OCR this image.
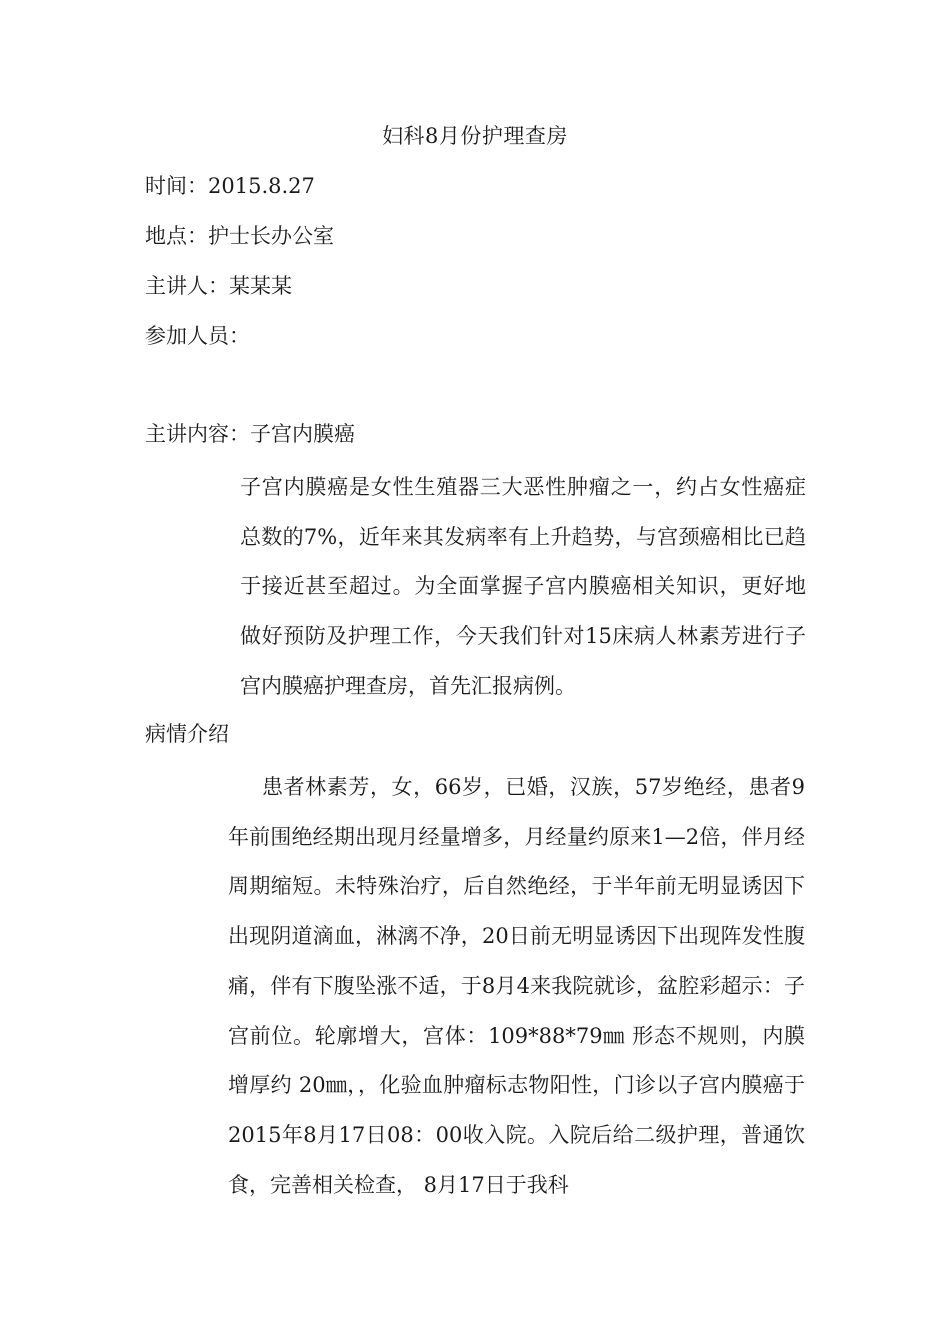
妇科8月份护理查房
时间：2015.8.27
地点：护士长办公室
主讲人：某某某
参加人员：
主讲内容：子宫内膜癌
子宫内膜癌是女性生殖器三大恶性肿瘤之一，约占女性癌症总数的7%，近年来其发病率有上升趋势，与宫颈癌相比已趋于接近甚至超过。为全面掌握子宫内膜癌相关知识，更好地做好预防及护理工作，今天我们针对15床病人林素芳进行子宫内膜癌护理查房，首先汇报病例。
病情介绍
患者林素芳，女，66岁，已婚，汉族，57岁绝经，患者9年前围绝经期出现月经量增多，月经量约原来1—2倍，伴月经周期缩短。未特殊治疗，后自然绝经，于半年前无明显诱因下出现阴道滴血，淋漓不净，20日前无明显诱因下出现阵发性腹痛，伴有下腹坠涨不适，于8月4来我院就诊，盆腔彩超示：子宫前位。轮廓增大，宫体：109*88*79㎜ 形态不规则，内膜增厚约 20㎜，，化验血肿瘤标志物阳性，门诊以子宫内膜癌于2015年8月17日08：00收入院。入院后给二级护理，普通饮食，完善相关检查， 8月17日于我科
